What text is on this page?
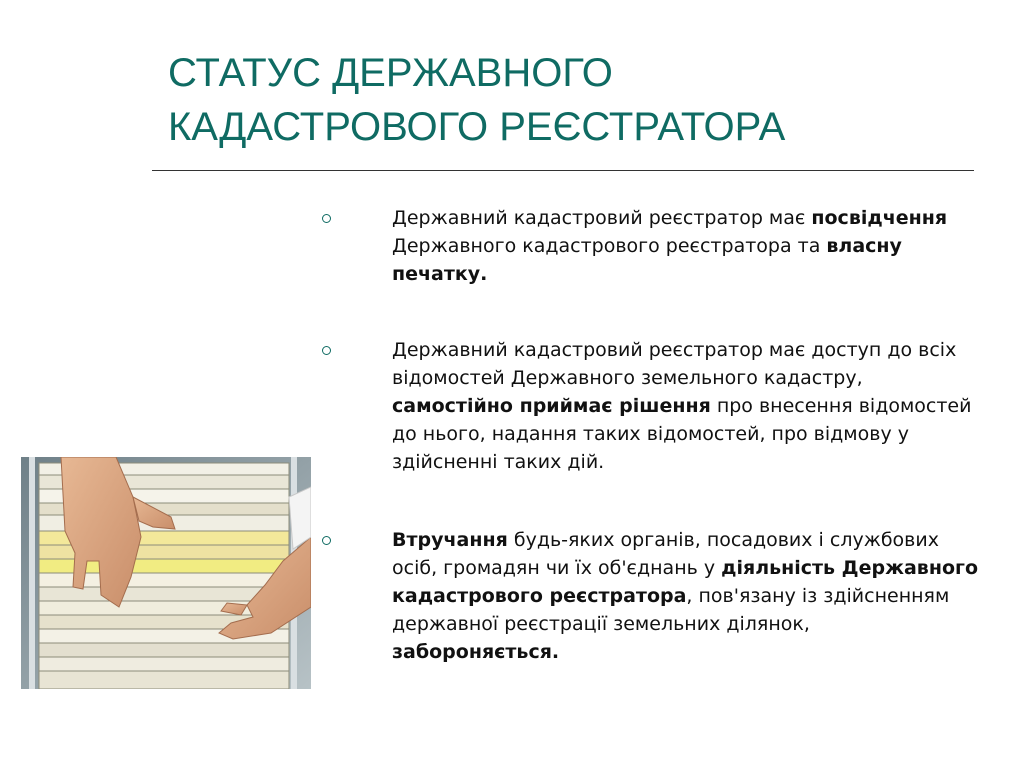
СТАТУС ДЕРЖАВНОГО
КАДАСТРОВОГО РЕЄСТРАТОРА
Державний кадастровий реєстратор має посвідчення Державного кадастрового реєстратора та власну печатку.
Державний кадастровий реєстратор має доступ до всіх відомостей Державного земельного кадастру, самостійно приймає рішення про внесення відомостей до нього, надання таких відомостей, про відмову у здійсненні таких дій.
Втручання будь-яких органів, посадових і службових осіб, громадян чи їх об'єднань у діяльність Державного кадастрового реєстратора, пов'язану із здійсненням державної реєстрації земельних ділянок, забороняється.
